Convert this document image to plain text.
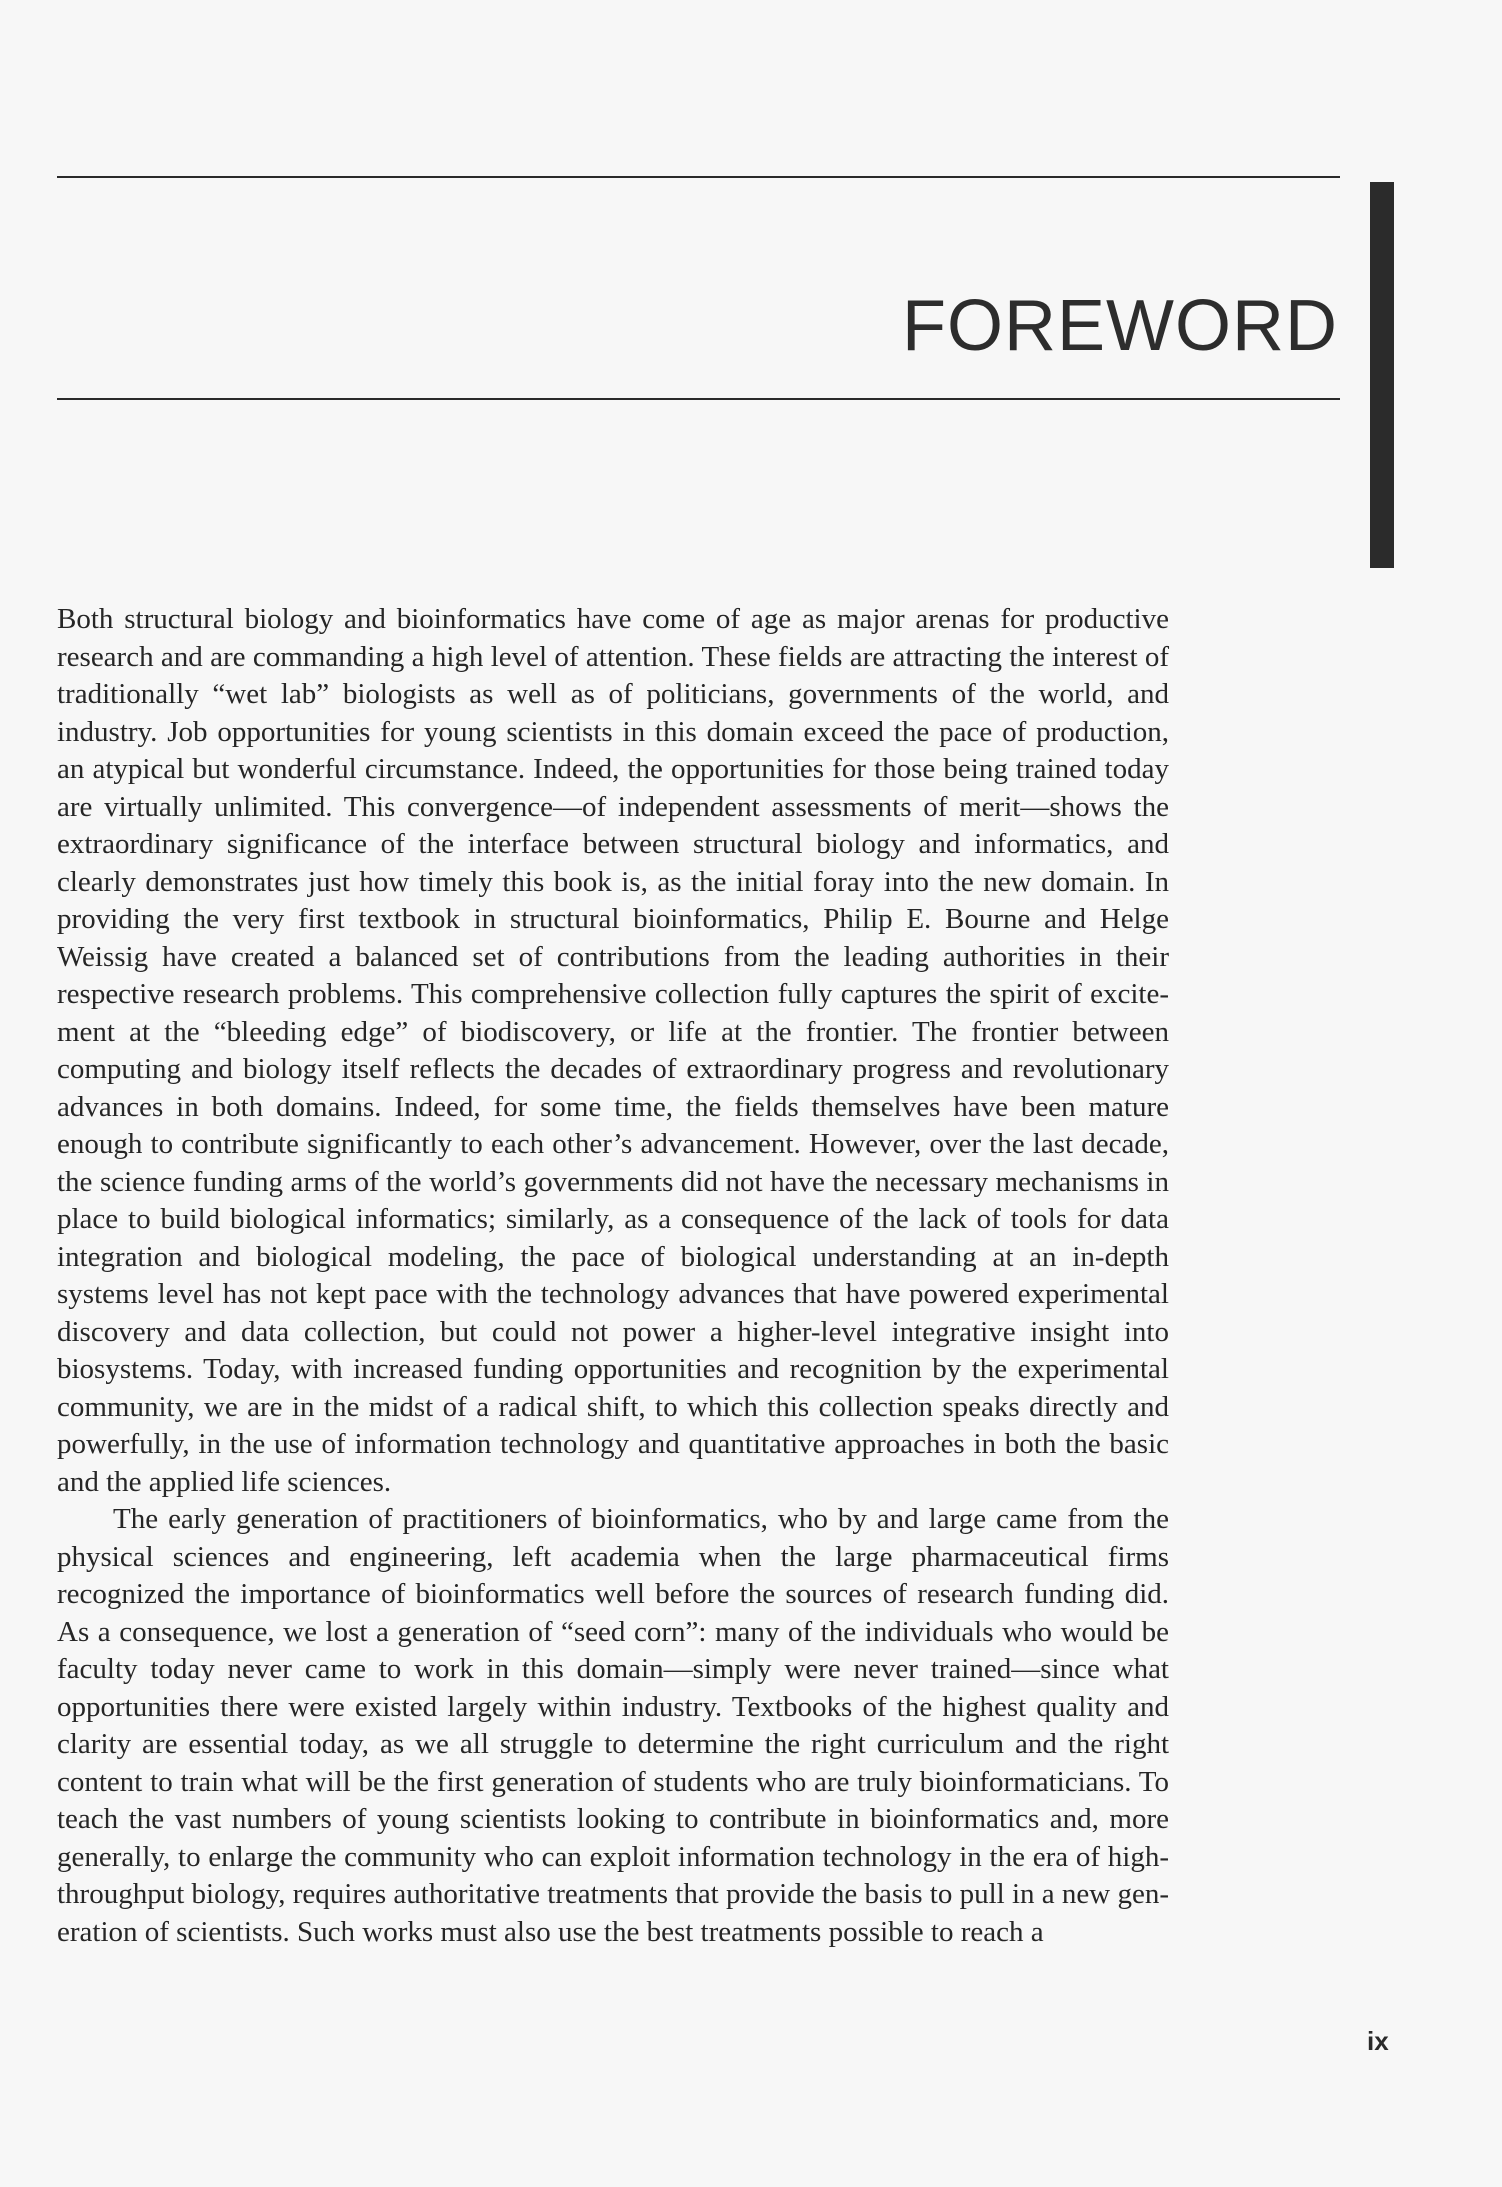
FOREWORD

Both structural biology and bioinformatics have come of age as major arenas for productive research and are commanding a high level of attention. These fields are attracting the interest of traditionally “wet lab” biologists as well as of politicians, governments of the world, and industry. Job opportunities for young scientists in this domain exceed the pace of production, an atypical but wonderful circumstance. Indeed, the opportunities for those being trained today are virtually unlimited. This convergence—of independent assessments of merit—shows the extraordinary significance of the interface between structural biology and informatics, and clearly demonstrates just how timely this book is, as the initial foray into the new domain. In providing the very first textbook in structural bioinformatics, Philip E. Bourne and Helge Weissig have created a balanced set of contributions from the leading authorities in their respective research problems. This comprehensive collection fully captures the spirit of excitement at the “bleeding edge” of biodiscovery, or life at the frontier. The frontier between computing and biology itself reflects the decades of extraordinary progress and revolutionary advances in both domains. Indeed, for some time, the fields themselves have been mature enough to contribute significantly to each other’s advancement. However, over the last decade, the science funding arms of the world’s governments did not have the necessary mechanisms in place to build biological informatics; similarly, as a consequence of the lack of tools for data integration and biological modeling, the pace of biological understanding at an in-depth systems level has not kept pace with the technology advances that have powered experimental discovery and data collection, but could not power a higher-level integrative insight into biosystems. Today, with increased funding opportunities and recognition by the experimental community, we are in the midst of a radical shift, to which this collection speaks directly and powerfully, in the use of information technology and quantitative approaches in both the basic and the applied life sciences.

The early generation of practitioners of bioinformatics, who by and large came from the physical sciences and engineering, left academia when the large pharmaceutical firms recognized the importance of bioinformatics well before the sources of research funding did. As a consequence, we lost a generation of “seed corn”: many of the individuals who would be faculty today never came to work in this domain—simply were never trained—since what opportunities there were existed largely within industry. Textbooks of the highest quality and clarity are essential today, as we all struggle to determine the right curriculum and the right content to train what will be the first generation of students who are truly bioinformaticians. To teach the vast numbers of young scientists looking to contribute in bioinformatics and, more generally, to enlarge the community who can exploit information technology in the era of high-throughput biology, requires authoritative treatments that provide the basis to pull in a new generation of scientists. Such works must also use the best treatments possible to reach a

ix
